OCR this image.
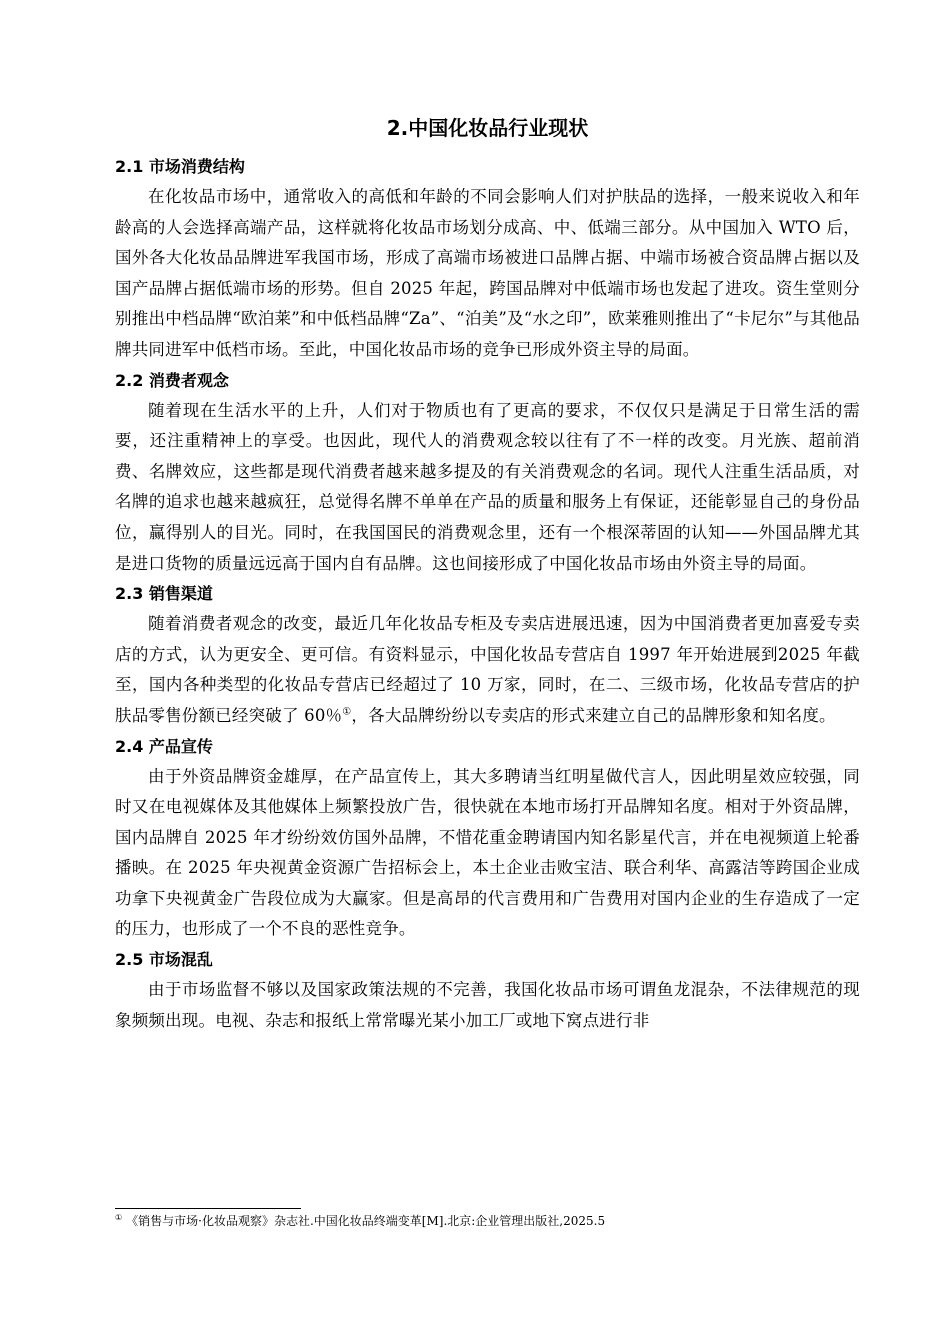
2.中国化妆品行业现状
2.1 市场消费结构

在化妆品市场中，通常收入的高低和年龄的不同会影响人们对护肤品的选择，一般来说收入和年龄高的人会选择高端产品，这样就将化妆品市场划分成高、中、低端三部分。从中国加入 WTO 后，国外各大化妆品品牌进军我国市场，形成了高端市场被进口品牌占据、中端市场被合资品牌占据以及国产品牌占据低端市场的形势。但自 2025 年起，跨国品牌对中低端市场也发起了进攻。资生堂则分别推出中档品牌“欧泊莱”和中低档品牌“Za”、“泊美”及“水之印”，欧莱雅则推出了“卡尼尔”与其他品牌共同进军中低档市场。至此，中国化妆品市场的竞争已形成外资主导的局面。

2.2 消费者观念

随着现在生活水平的上升，人们对于物质也有了更高的要求，不仅仅只是满足于日常生活的需要，还注重精神上的享受。也因此，现代人的消费观念较以往有了不一样的改变。月光族、超前消费、名牌效应，这些都是现代消费者越来越多提及的有关消费观念的名词。现代人注重生活品质，对名牌的追求也越来越疯狂，总觉得名牌不单单在产品的质量和服务上有保证，还能彰显自己的身份品位，赢得别人的目光。同时，在我国国民的消费观念里，还有一个根深蒂固的认知——外国品牌尤其是进口货物的质量远远高于国内自有品牌。这也间接形成了中国化妆品市场由外资主导的局面。

2.3 销售渠道

随着消费者观念的改变，最近几年化妆品专柜及专卖店进展迅速，因为中国消费者更加喜爱专卖店的方式，认为更安全、更可信。有资料显示，中国化妆品专营店自 1997 年开始进展到2025 年截至，国内各种类型的化妆品专营店已经超过了 10 万家，同时，在二、三级市场，化妆品专营店的护肤品零售份额已经突破了 60％①，各大品牌纷纷以专卖店的形式来建立自己的品牌形象和知名度。

2.4 产品宣传

由于外资品牌资金雄厚，在产品宣传上，其大多聘请当红明星做代言人，因此明星效应较强，同时又在电视媒体及其他媒体上频繁投放广告，很快就在本地市场打开品牌知名度。相对于外资品牌，国内品牌自 2025 年才纷纷效仿国外品牌，不惜花重金聘请国内知名影星代言，并在电视频道上轮番播映。在 2025 年央视黄金资源广告招标会上，本土企业击败宝洁、联合利华、高露洁等跨国企业成功拿下央视黄金广告段位成为大赢家。但是高昂的代言费用和广告费用对国内企业的生存造成了一定的压力，也形成了一个不良的恶性竞争。

2.5 市场混乱

由于市场监督不够以及国家政策法规的不完善，我国化妆品市场可谓鱼龙混杂，不法律规范的现象频频出现。电视、杂志和报纸上常常曝光某小加工厂或地下窝点进行非

① 《销售与市场·化妆品观察》杂志社.中国化妆品终端变革[M].北京:企业管理出版社,2025.5
